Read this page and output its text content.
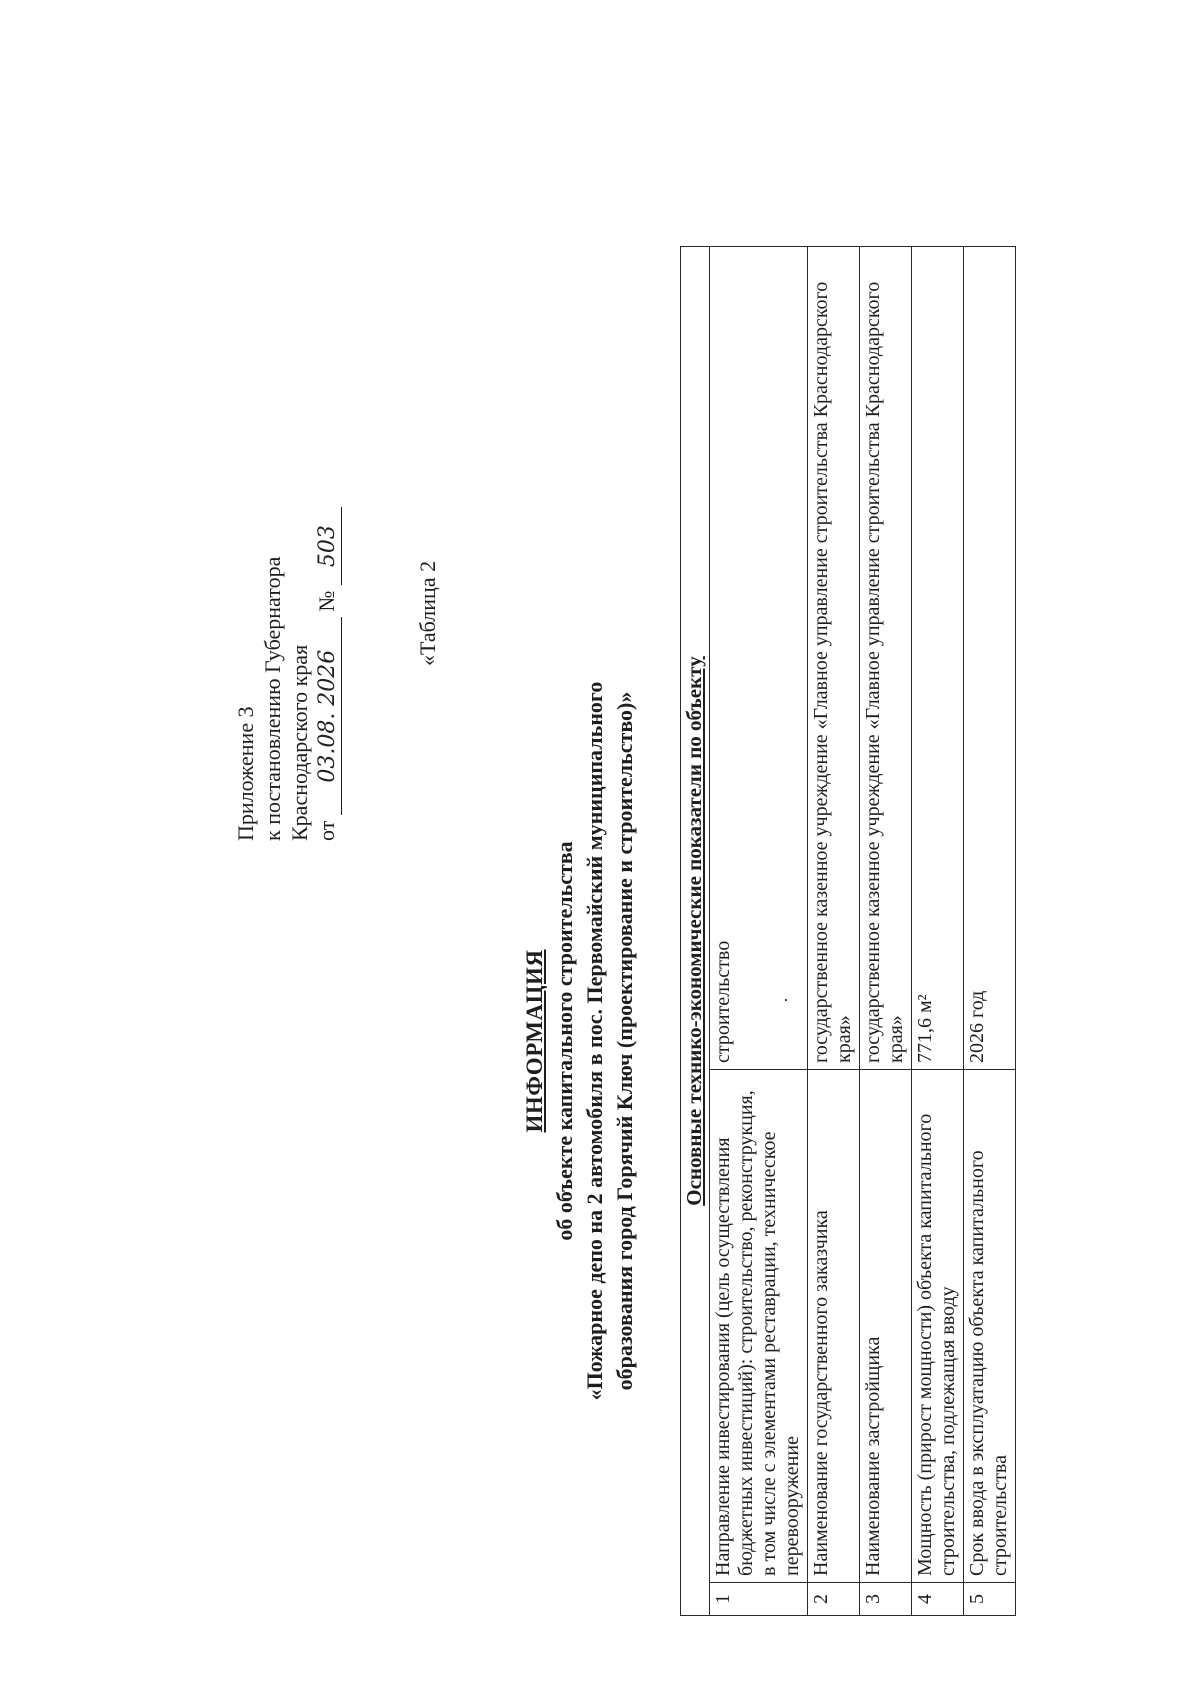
Приложение 3 к постановлению Губернатора Краснодарского края от 03.08. 2026 № 503
«Таблица 2
ИНФОРМАЦИЯ об объекте капитального строительства «Пожарное депо на 2 автомобиля в пос. Первомайский муниципального образования город Горячий Ключ (проектирование и строительство)» Основные технико-экономические показатели по объекту		
1	Направление инвестирования (цель осуществления бюджетных инвестиций): строительство, реконструкция, в том числе с элементами реставрации, техническое перевооружение	строительство ·
2	Наименование государственного заказчика	государственное казенное учреждение «Главное управление строительства Краснодарского края»
3	Наименование застройщика	государственное казенное учреждение «Главное управление строительства Краснодарского края»
4	Мощность (прирост мощности) объекта капитального строительства, подлежащая вводу	771,6 м²
5	Срок ввода в эксплуатацию объекта капитального строительства	2026 год
